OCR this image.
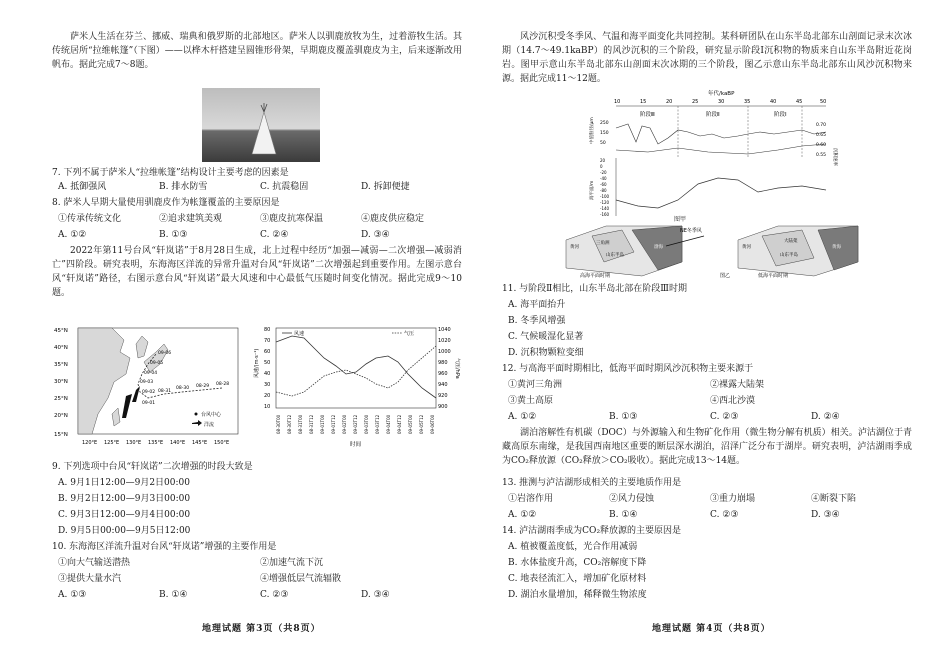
萨米人生活在芬兰、挪威、瑞典和俄罗斯的北部地区。萨米人以驯鹿放牧为生，过着游牧生活。其传统居所“拉维帐篷”（下图）——以桦木杆搭建呈圆锥形骨架，早期鹿皮覆盖驯鹿皮为主，后来逐渐改用帆布。据此完成7～8题。
7. 下列不属于萨米人“拉维帐篷”结构设计主要考虑的因素是
A. 抵御强风	B. 排水防雪	C. 抗震稳固	D. 拆卸便捷
8. 萨米人早期大量使用驯鹿皮作为帐篷覆盖的主要原因是
①传承传统文化	②追求建筑美观	③鹿皮抗寒保温	④鹿皮供应稳定
A. ①②	B. ①③	C. ②④	D. ③④
2022年第11号台风“轩岚诺”于8月28日生成，北上过程中经历“加强—减弱—二次增强—减弱消亡”四阶段。研究表明，东海海区洋流的异常升温对台风“轩岚诺”二次增强起到重要作用。左图示意台风“轩岚诺”路径，右图示意台风“轩岚诺”最大风速和中心最低气压随时间变化情况。据此完成9～10题。
45°N
40°N
35°N
30°N
25°N
20°N
15°N
120°E 125°E 130°E 135°E 140°E 145°E 150°E
08-28
08-29
08-30
08-31
09-01
09-02
09-03
09-04
09-05
09-06
台风中心
洋流
风速	气压
风速/(m·s⁻¹)	气压/hPa
80
70
60
50
40
30
20
10
1040
1020
1000
980
960
940
920
900
08-30T00 08-30T12 08-31T00 08-31T12 09-01T00 09-01T12 09-02T00 09-02T12 09-03T00 09-03T12 09-04T00 09-04T12 09-05T00 09-05T12 09-06T00
时间
9. 下列选项中台风“轩岚诺”二次增强的时段大致是
A. 9月1日12:00—9月2日00:00
B. 9月2日12:00—9月3日00:00
C. 9月3日12:00—9月4日00:00
D. 9月5日00:00—9月5日12:00
10. 东海海区洋流升温对台风“轩岚诺”增强的主要作用是
①向大气输送潜热	②加速气流下沉
③提供大量水汽	④增强低层气流辐散
A. ①③	B. ①④	C. ②③	D. ③④
地理试题 第3页（共8页）
风沙沉积受冬季风、气温和海平面变化共同控制。某科研团队在山东半岛北部东山剖面记录末次冰期（14.7～49.1kaBP）的风沙沉积的三个阶段，研究显示阶段Ⅰ沉积物的物质来自山东半岛附近花岗岩。图甲示意山东半岛北部东山剖面末次冰期的三个阶段，图乙示意山东半岛北部东山风沙沉积物来源。据此完成11～12题。
年代/kaBP
10	15	20	25	30	35	40	45	50
阶段Ⅲ	阶段Ⅱ	阶段Ⅰ
中值粒径/μm 250
150
50
沉积速率
0.70
0.65
0.60
0.55
海平面/m
20
0
-20
-40
-60
-80
-100
-120
-140
-160
图甲
黄河
三角洲
山东半岛
渤海
高海平面时期
NE冬季风
黄河
大陆架
山东半岛
黄海
低海平面时期
图乙
11. 与阶段Ⅱ相比，山东半岛北部在阶段Ⅲ时期
A. 海平面抬升
B. 冬季风增强
C. 气候暖湿化显著
D. 沉积物颗粒变细
12. 与高海平面时期相比，低海平面时期风沙沉积物主要来源于
①黄河三角洲	②裸露大陆架
③黄土高原	④西北沙漠
A. ①②	B. ①③	C. ②③	D. ②④
湖泊溶解性有机碳（DOC）与外源输入和生物矿化作用（微生物分解有机质）相关。泸沽湖位于青藏高原东南缘，是我国西南地区重要的断层深水湖泊，沼泽广泛分布于湖岸。研究表明，泸沽湖雨季成为CO₂释放源（CO₂释放＞CO₂吸收）。据此完成13～14题。
13. 推测与泸沽湖形成相关的主要地质作用是
①岩溶作用	②风力侵蚀	③重力崩塌	④断裂下陷
A. ①②	B. ①④	C. ②③	D. ③④
14. 泸沽湖雨季成为CO₂释放源的主要原因是
A. 植被覆盖度低，光合作用减弱
B. 水体盐度升高，CO₂溶解度下降
C. 地表径流汇入，增加矿化原材料
D. 湖泊水量增加，稀释微生物浓度
地理试题 第4页（共8页）
